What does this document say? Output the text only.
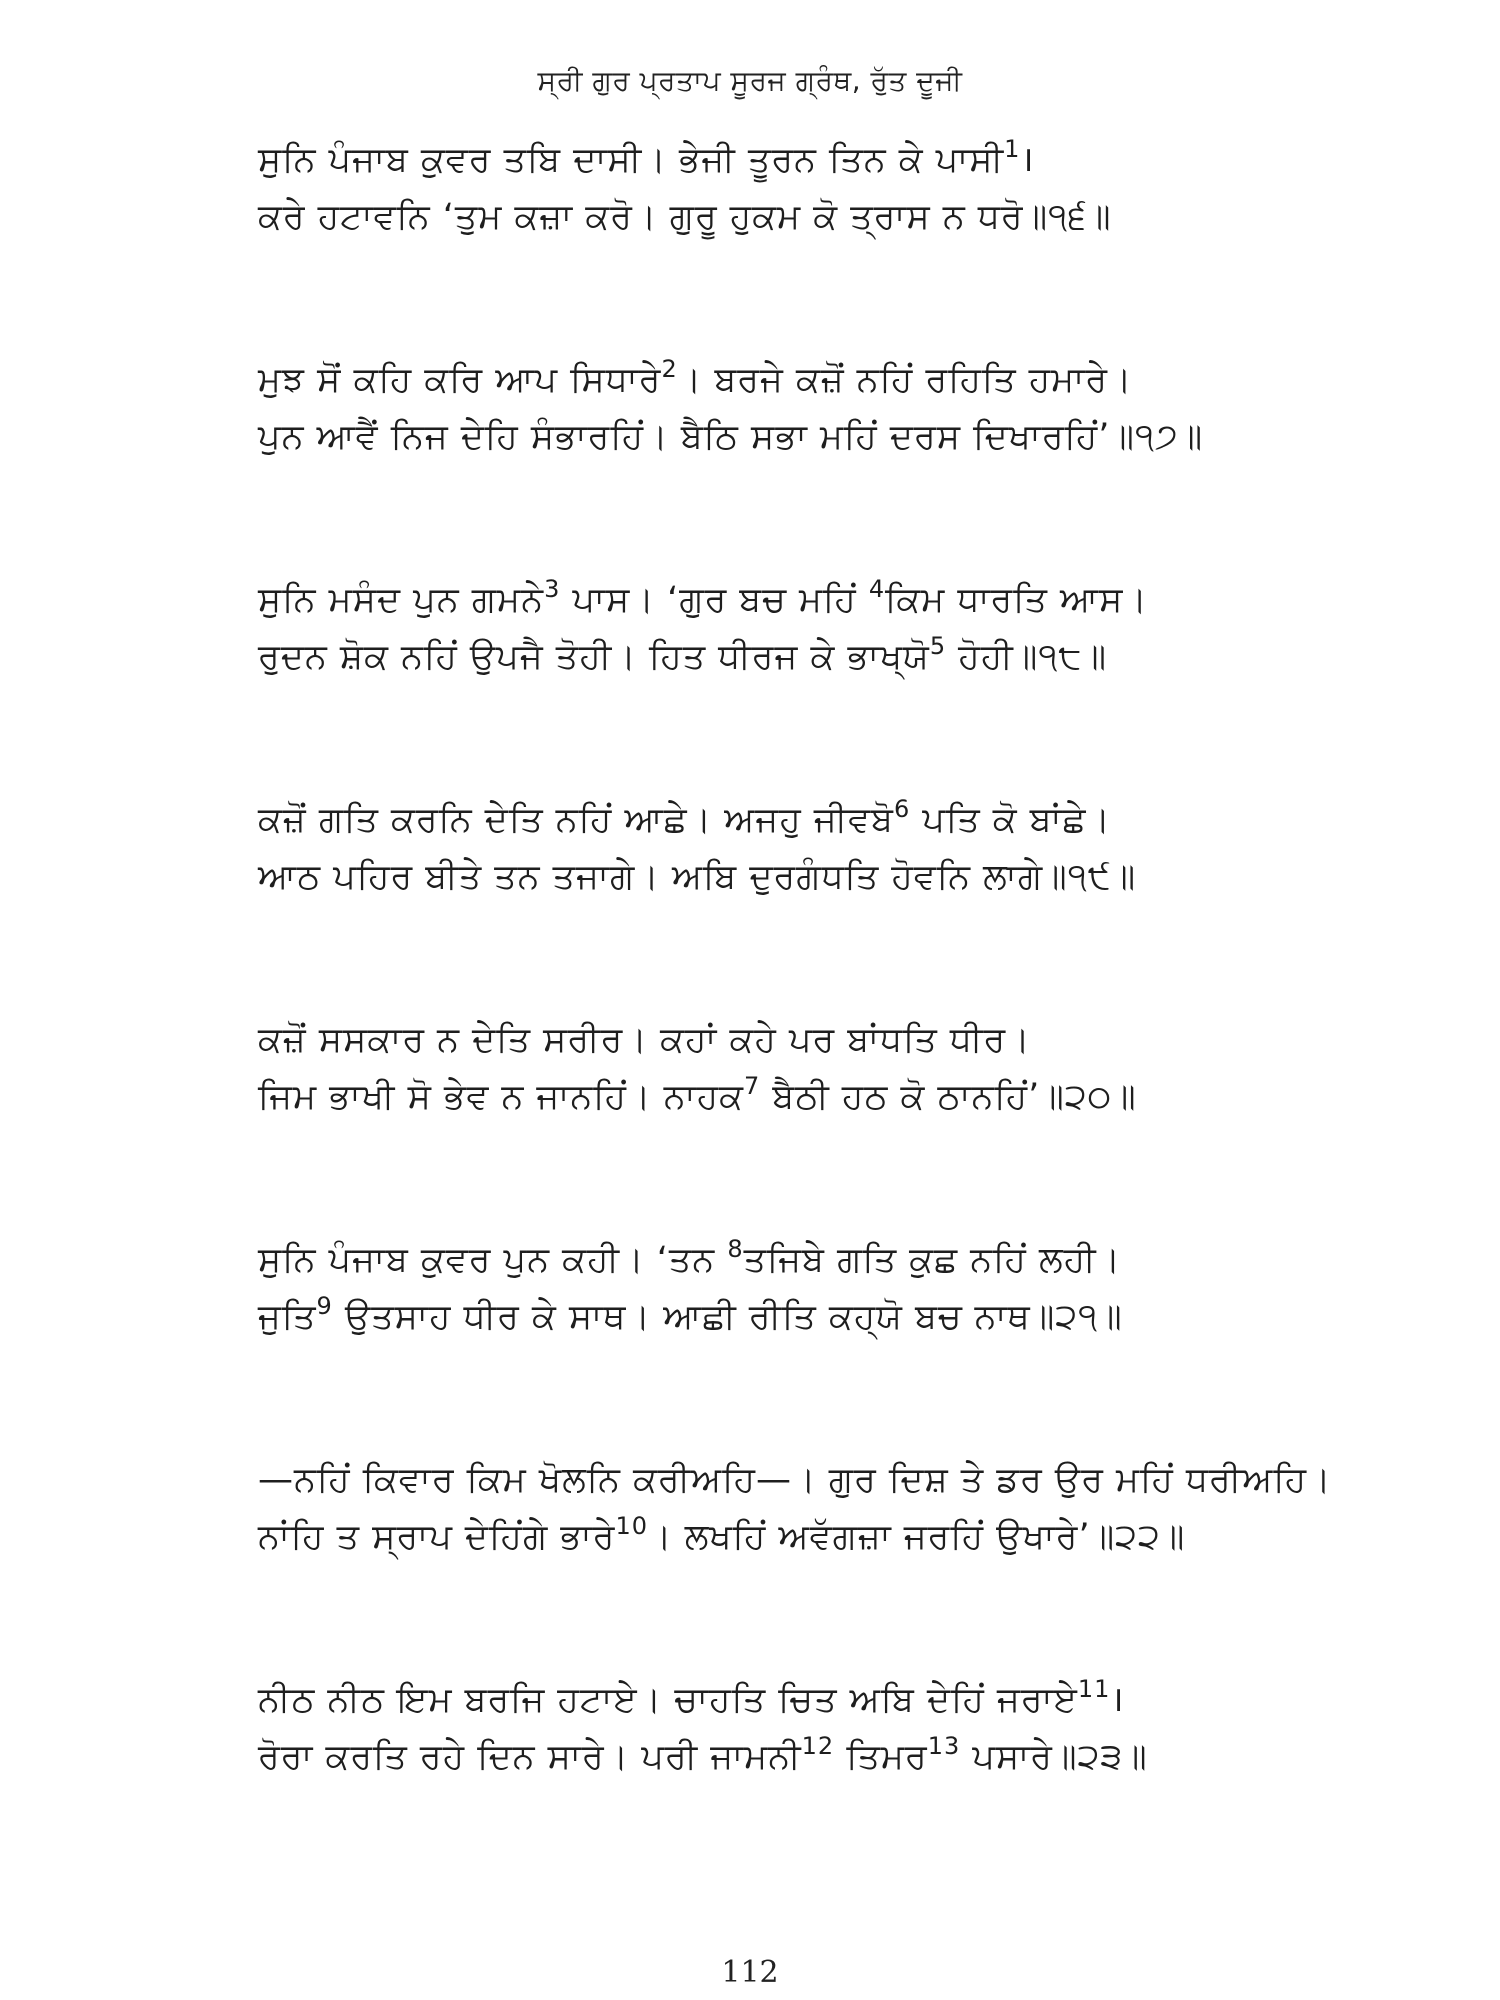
ਸ੍ਰੀ ਗੁਰ ਪ੍ਰਤਾਪ ਸੂਰਜ ਗ੍ਰੰਥ, ਰੁੱਤ ਦੂਜੀ
ਸੁਨਿ ਪੰਜਾਬ ਕੁਵਰ ਤਬਿ ਦਾਸੀ। ਭੇਜੀ ਤੂਰਨ ਤਿਨ ਕੇ ਪਾਸੀ$^1$।
ਕਰੇ ਹਟਾਵਨਿ ‘ਤੁਮ ਕਜ਼ਾ ਕਰੋ। ਗੁਰੂ ਹੁਕਮ ਕੋ ਤ੍ਰਾਸ ਨ ਧਰੋ॥੧੬॥
ਮੁਝ ਸੋਂ ਕਹਿ ਕਰਿ ਆਪ ਸਿਧਾਰੇ$^2$। ਬਰਜੇ ਕਜ਼ੋਂ ਨਹਿਂ ਰਹਿਤਿ ਹਮਾਰੇ।
ਪੁਨ ਆਵੈਂ ਨਿਜ ਦੇਹਿ ਸੰਭਾਰਹਿਂ। ਬੈਠਿ ਸਭਾ ਮਹਿਂ ਦਰਸ ਦਿਖਾਰਹਿਂ’॥੧੭॥
ਸੁਨਿ ਮਸੰਦ ਪੁਨ ਗਮਨੇ$^3$ ਪਾਸ। ‘ਗੁਰ ਬਚ ਮਹਿਂ $^4$ਕਿਮ ਧਾਰਤਿ ਆਸ।
ਰੁਦਨ ਸ਼ੋਕ ਨਹਿਂ ਉਪਜੈ ਤੋਹੀ। ਹਿਤ ਧੀਰਜ ਕੇ ਭਾਖ੍ਯੋ$^5$ ਹੋਹੀ॥੧੮॥
ਕਜ਼ੋਂ ਗਤਿ ਕਰਨਿ ਦੇਤਿ ਨਹਿਂ ਆਛੇ। ਅਜਹੁ ਜੀਵਬੋ$^6$ ਪਤਿ ਕੋ ਬਾਂਛੇ।
ਆਠ ਪਹਿਰ ਬੀਤੇ ਤਨ ਤਜਾਗੇ। ਅਬਿ ਦੁਰਗੰਧਤਿ ਹੋਵਨਿ ਲਾਗੇ॥੧੯॥
ਕਜ਼ੋਂ ਸਸਕਾਰ ਨ ਦੇਤਿ ਸਰੀਰ। ਕਹਾਂ ਕਹੇ ਪਰ ਬਾਂਧਤਿ ਧੀਰ।
ਜਿਮ ਭਾਖੀ ਸੋ ਭੇਵ ਨ ਜਾਨਹਿਂ। ਨਾਹਕ$^7$ ਬੈਠੀ ਹਠ ਕੋ ਠਾਨਹਿਂ’॥੨੦॥
ਸੁਨਿ ਪੰਜਾਬ ਕੁਵਰ ਪੁਨ ਕਹੀ। ‘ਤਨ $^8$ਤਜਿਬੇ ਗਤਿ ਕੁਛ ਨਹਿਂ ਲਹੀ।
ਜੁਤਿ$^9$ ਉਤਸਾਹ ਧੀਰ ਕੇ ਸਾਥ। ਆਛੀ ਰੀਤਿ ਕਹ੍ਯੋ ਬਚ ਨਾਥ॥੨੧॥
—ਨਹਿਂ ਕਿਵਾਰ ਕਿਮ ਖੋਲਨਿ ਕਰੀਅਹਿ—। ਗੁਰ ਦਿਸ਼ ਤੇ ਡਰ ਉਰ ਮਹਿਂ ਧਰੀਅਹਿ।
ਨਾਂਹਿ ਤ ਸ੍ਰਾਪ ਦੇਹਿਂਗੇ ਭਾਰੇ$^{10}$। ਲਖਹਿਂ ਅਵੱਗਜ਼ਾ ਜਰਹਿਂ ਉਖਾਰੇ’॥੨੨॥
ਨੀਠ ਨੀਠ ਇਮ ਬਰਜਿ ਹਟਾਏ। ਚਾਹਤਿ ਚਿਤ ਅਬਿ ਦੇਹਿਂ ਜਰਾਏ$^{11}$।
ਰੋਰਾ ਕਰਤਿ ਰਹੇ ਦਿਨ ਸਾਰੇ। ਪਰੀ ਜਾਮਨੀ$^{12}$ ਤਿਮਰ$^{13}$ ਪਸਾਰੇ॥੨੩॥
112
